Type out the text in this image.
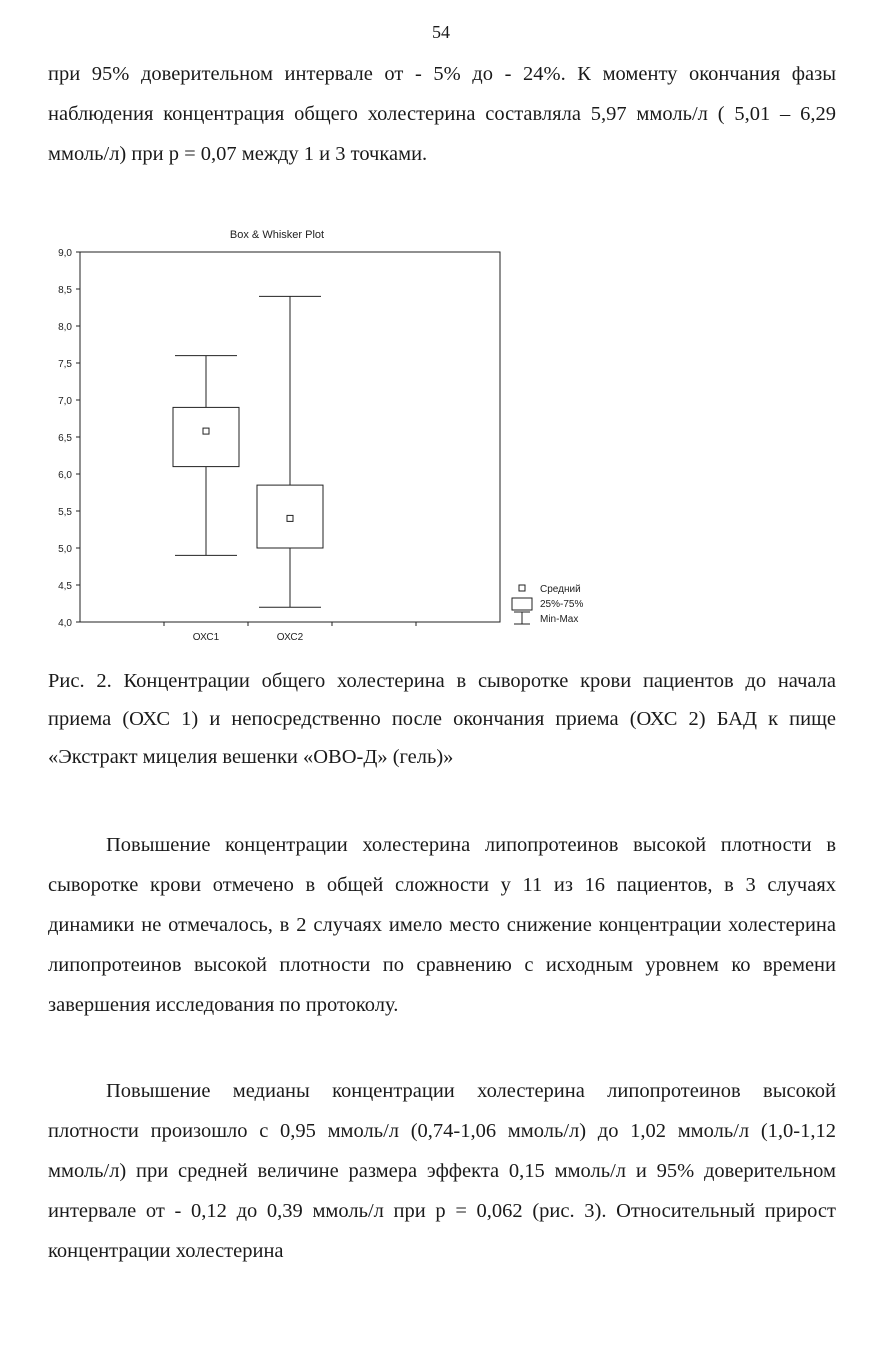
54

при 95% доверительном интервале от - 5% до - 24%. К моменту окончания фазы наблюдения концентрация общего холестерина составляла 5,97 ммоль/л ( 5,01 – 6,29 ммоль/л) при р = 0,07 между 1 и 3 точками.

Box & Whisker Plot
4,0
4,5
5,0
5,5
6,0
6,5
7,0
7,5
8,0
8,5
9,0
ОХС1	ОХС2
Средний
25%-75%
Min-Max

Рис. 2. Концентрации общего холестерина в сыворотке крови пациентов до начала приема (ОХС 1) и непосредственно после окончания приема (ОХС 2) БАД к пище «Экстракт мицелия вешенки «ОВО-Д» (гель)»

Повышение концентрации холестерина липопротеинов высокой плотности в сыворотке крови отмечено в общей сложности у 11 из 16 пациентов, в 3 случаях динамики не отмечалось, в 2 случаях имело место снижение концентрации холестерина липопротеинов высокой плотности по сравнению с исходным уровнем ко времени завершения исследования по протоколу.

Повышение медианы концентрации холестерина липопротеинов высокой плотности произошло с 0,95 ммоль/л (0,74-1,06 ммоль/л) до 1,02 ммоль/л (1,0-1,12 ммоль/л) при средней величине размера эффекта 0,15 ммоль/л и 95% доверительном интервале от - 0,12 до 0,39 ммоль/л при р = 0,062 (рис. 3). Относительный прирост концентрации холестерина
